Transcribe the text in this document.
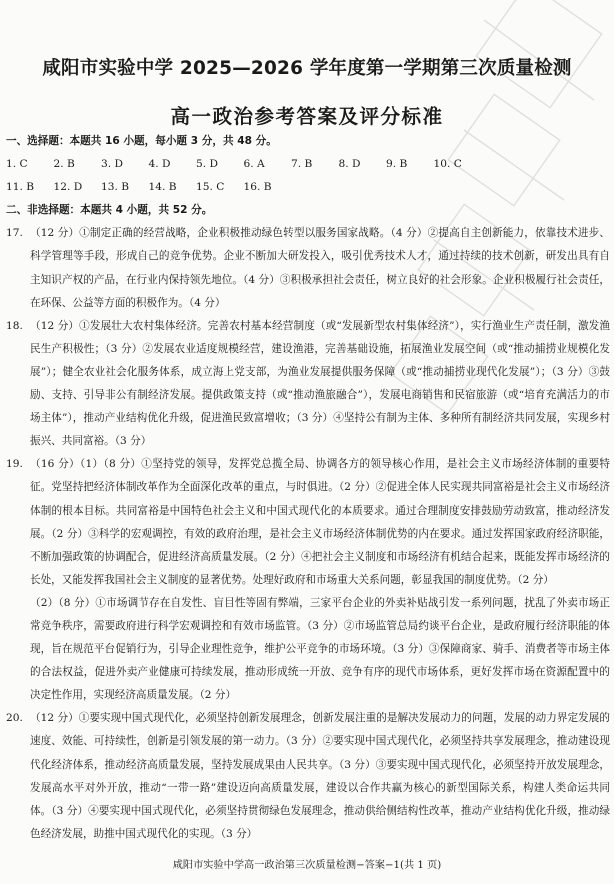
咸阳市实验中学 2025—2026 学年度第一学期第三次质量检测
高一政治参考答案及评分标准
一、选择题：本题共 16 小题，每小题 3 分，共 48 分。
1. C	2. B	3. D	4. D	5. D	6. A	7. B	8. D	9. B	10. C
11. B	12. D	13. B	14. B	15. C	16. B
二、非选择题：本题共 4 小题，共 52 分。
17. （12 分）①制定正确的经营战略，企业积极推动绿色转型以服务国家战略。（4 分）②提高自主创新能力，依靠技术进步、科学管理等手段，形成自己的竞争优势。企业不断加大研发投入，吸引优秀技术人才，通过持续的技术创新，研发出具有自主知识产权的产品，在行业内保持领先地位。（4 分）③积极承担社会责任，树立良好的社会形象。企业积极履行社会责任，在环保、公益等方面的积极作为。（4 分）
18. （12 分）①发展壮大农村集体经济。完善农村基本经营制度（或“发展新型农村集体经济”），实行渔业生产责任制，激发渔民生产积极性；（3 分）②发展农业适度规模经营，建设渔港，完善基础设施，拓展渔业发展空间（或“推动捕捞业规模化发展”）；健全农业社会化服务体系，成立海上党支部，为渔业发展提供服务保障（或“推动捕捞业现代化发展”）；（3 分）③鼓励、支持、引导非公有制经济发展。提供政策支持（或“推动渔旅融合”），发展电商销售和民宿旅游（或“培育充满活力的市场主体”），推动产业结构优化升级，促进渔民致富增收；（3 分）④坚持公有制为主体、多种所有制经济共同发展，实现乡村振兴、共同富裕。（3 分）
19. （16 分）（1）（8 分）①坚持党的领导，发挥党总揽全局、协调各方的领导核心作用，是社会主义市场经济体制的重要特征。党坚持把经济体制改革作为全面深化改革的重点，与时俱进。（2 分）②促进全体人民实现共同富裕是社会主义市场经济体制的根本目标。共同富裕是中国特色社会主义和中国式现代化的本质要求。通过合理制度安排鼓励劳动致富，推动经济发展。（2 分）③科学的宏观调控，有效的政府治理，是社会主义市场经济体制优势的内在要求。通过发挥国家政府经济职能，不断加强政策的协调配合，促进经济高质量发展。（2 分）④把社会主义制度和市场经济有机结合起来，既能发挥市场经济的长处，又能发挥我国社会主义制度的显著优势。处理好政府和市场重大关系问题，彰显我国的制度优势。（2 分）
（2）（8 分）①市场调节存在自发性、盲目性等固有弊端，三家平台企业的外卖补贴战引发一系列问题，扰乱了外卖市场正常竞争秩序，需要政府进行科学宏观调控和有效市场监管。（3 分）②市场监管总局约谈平台企业，是政府履行经济职能的体现，旨在规范平台促销行为，引导企业理性竞争，维护公平竞争的市场环境。（3 分）③保障商家、骑手、消费者等市场主体的合法权益，促进外卖产业健康可持续发展，推动形成统一开放、竞争有序的现代市场体系，更好发挥市场在资源配置中的决定性作用，实现经济高质量发展。（2 分）
20. （12 分）①要实现中国式现代化，必须坚持创新发展理念，创新发展注重的是解决发展动力的问题，发展的动力界定发展的速度、效能、可持续性，创新是引领发展的第一动力。（3 分）②要实现中国式现代化，必须坚持共享发展理念，推动建设现代化经济体系，推动经济高质量发展，坚持发展成果由人民共享。（3 分）③要实现中国式现代化，必须坚持开放发展理念，发展高水平对外开放，推动“一带一路”建设迈向高质量发展，建设以合作共赢为核心的新型国际关系，构建人类命运共同体。（3 分）④要实现中国式现代化，必须坚持贯彻绿色发展理念，推动供给侧结构性改革，推动产业结构优化升级，推动绿色经济发展，助推中国式现代化的实现。（3 分）
咸阳市实验中学高一政治第三次质量检测−答案−1(共 1 页)
